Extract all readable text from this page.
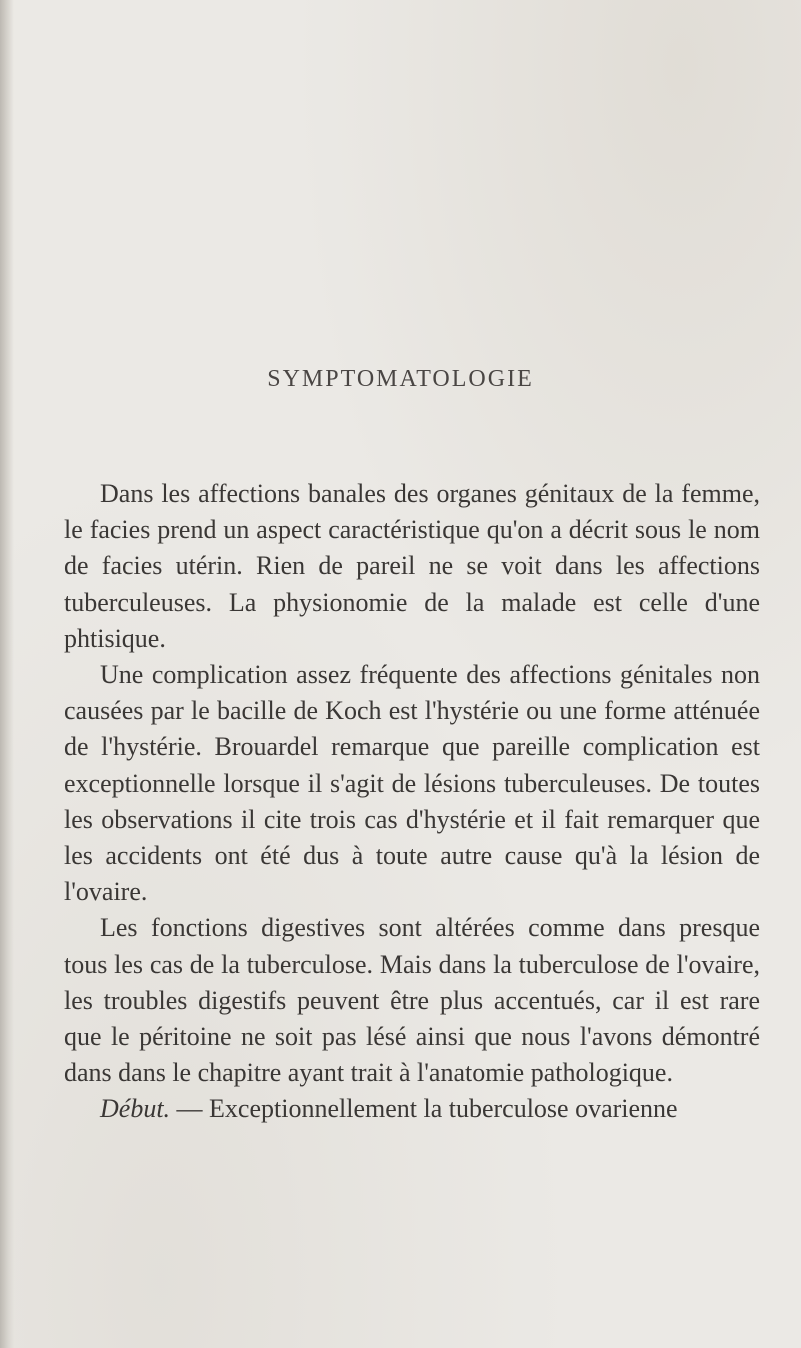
SYMPTOMATOLOGIE

Dans les affections banales des organes génitaux de la femme, le facies prend un aspect caractéristique qu'on a décrit sous le nom de facies utérin. Rien de pareil ne se voit dans les affections tuberculeuses. La physionomie de la malade est celle d'une phtisique.

Une complication assez fréquente des affections génitales non causées par le bacille de Koch est l'hystérie ou une forme atténuée de l'hystérie. Brouardel remarque que pareille complication est exceptionnelle lorsque il s'agit de lésions tuberculeuses. De toutes les observations il cite trois cas d'hystérie et il fait remarquer que les accidents ont été dus à toute autre cause qu'à la lésion de l'ovaire.

Les fonctions digestives sont altérées comme dans presque tous les cas de la tuberculose. Mais dans la tuberculose de l'ovaire, les troubles digestifs peuvent être plus accentués, car il est rare que le péritoine ne soit pas lésé ainsi que nous l'avons démontré dans dans le chapitre ayant trait à l'anatomie pathologique.

Début. — Exceptionnellement la tuberculose ovarienne
